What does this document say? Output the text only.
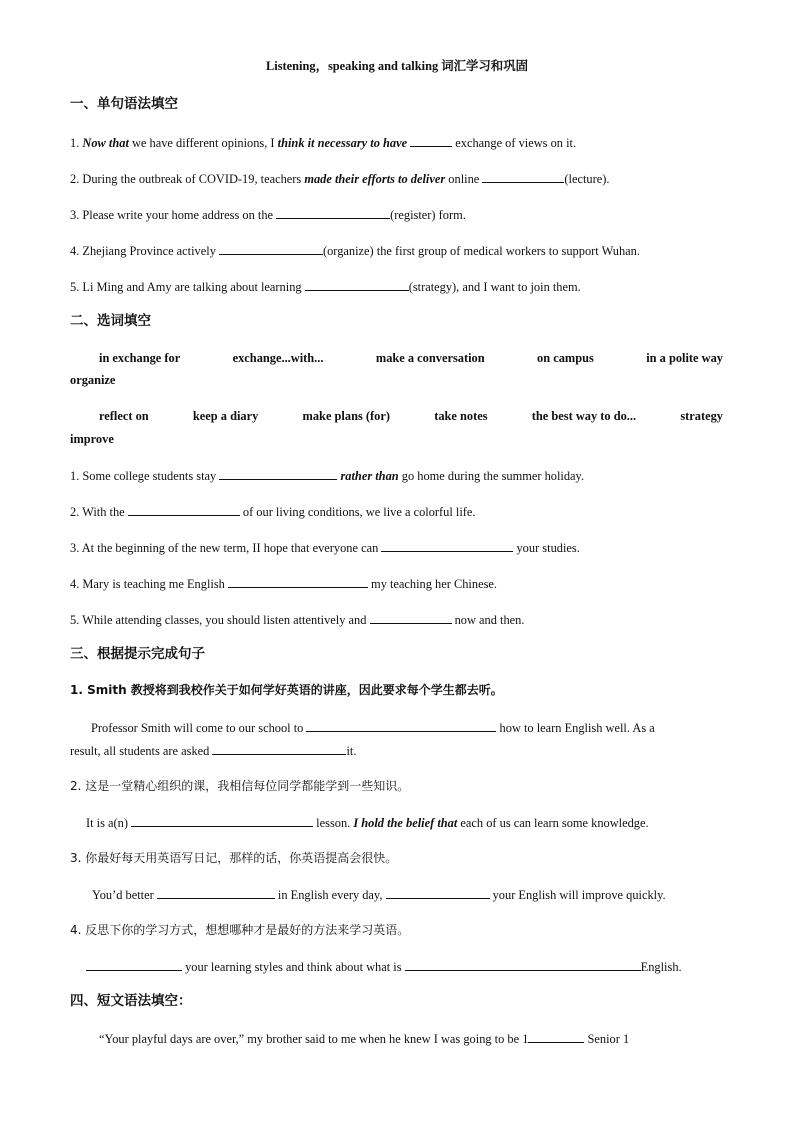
Listening，speaking and talking 词汇学习和巩固
一、单句语法填空
1. Now that we have different opinions, I think it necessary to have	exchange of views on it.
2. During the outbreak of COVID-19, teachers made their efforts to deliver online	(lecture).
3. Please write your home address on the	(register) form.
4. Zhejiang Province actively	(organize) the first group of medical workers to support Wuhan.
5. Li Ming and Amy are talking about learning	(strategy), and I want to join them.
二、选词填空
in exchange for	exchange...with...	make a conversation	on campus	in a polite way
organize
reflect on	keep a diary	make plans (for)	take notes	the best way to do...	strategy
improve
1. Some college students stay	rather than go home during the summer holiday.
2. With the	of our living conditions, we live a colorful life.
3. At the beginning of the new term, II hope that everyone can	your studies.
4. Mary is teaching me English	my teaching her Chinese.
5. While attending classes, you should listen attentively and	now and then.
三、根据提示完成句子
1. Smith 教授将到我校作关于如何学好英语的讲座，因此要求每个学生都去听。
Professor Smith will come to our school to	how to learn English well. As a
result, all students are asked	it.
2. 这是一堂精心组织的课，我相信每位同学都能学到一些知识。
It is a(n)	lesson. I hold the belief that each of us can learn some knowledge.
3. 你最好每天用英语写日记，那样的话，你英语提高会很快。
You’d better	in English every day,	your English will improve quickly.
4. 反思下你的学习方式，想想哪种才是最好的方法来学习英语。
your learning styles and think about what is	English.
四、短文语法填空：
“Your playful days are over,” my brother said to me when he knew I was going to be 1	Senior 1
